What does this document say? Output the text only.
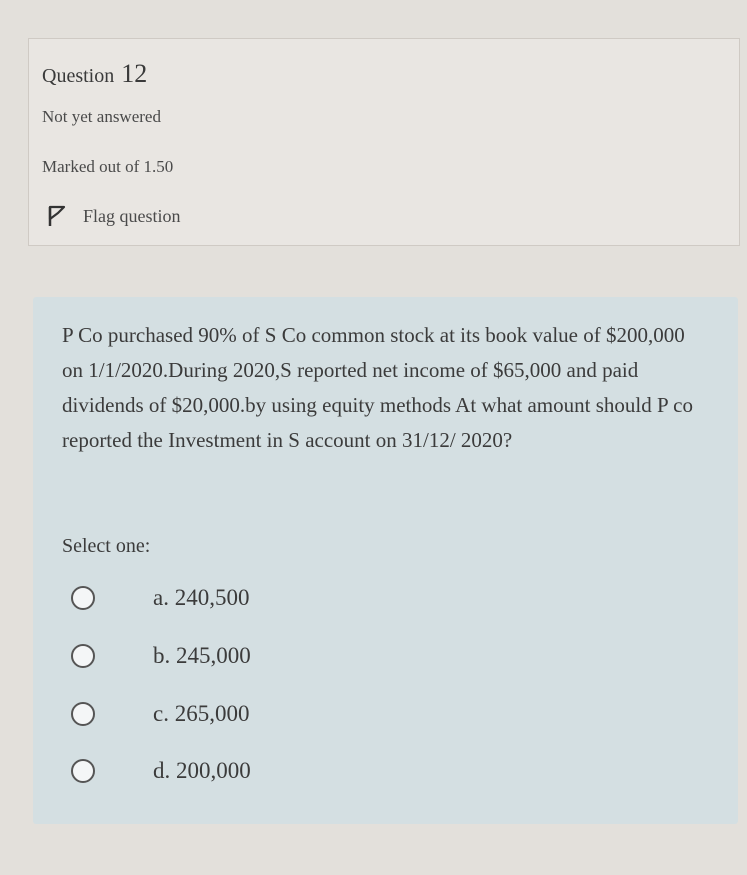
Question 12
Not yet answered
Marked out of 1.50
Flag question
P Co purchased 90% of S Co common stock at its book value of $200,000 on 1/1/2020.During 2020,S reported net income of $65,000 and paid dividends of $20,000.by using equity methods At what amount should P co reported the Investment in S account on 31/12/ 2020?
Select one:
a. 240,500
b. 245,000
c. 265,000
d. 200,000
